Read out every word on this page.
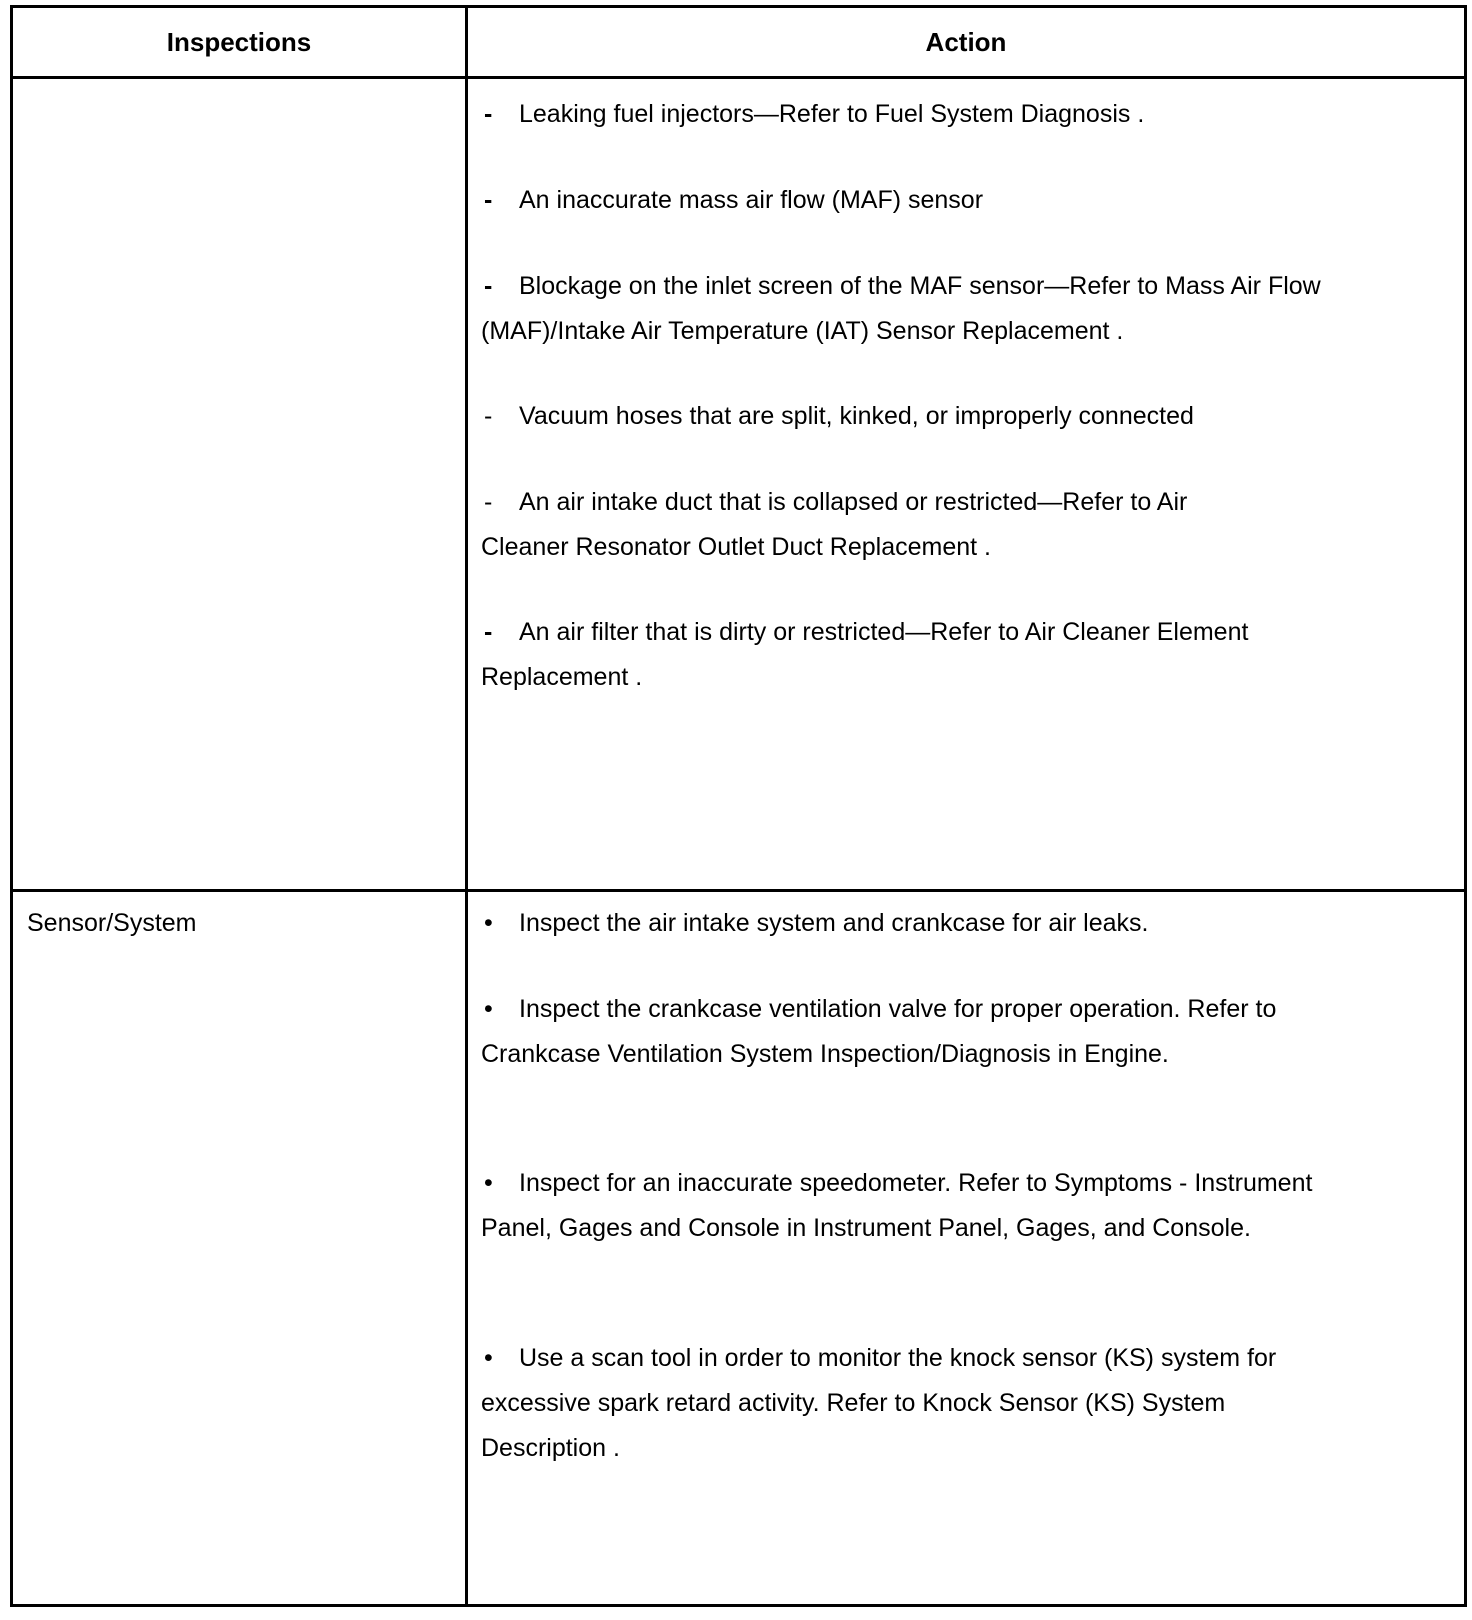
Inspections	Action
- Leaking fuel injectors—Refer to Fuel System Diagnosis .
- An inaccurate mass air flow (MAF) sensor
- Blockage on the inlet screen of the MAF sensor—Refer to Mass Air Flow (MAF)/Intake Air Temperature (IAT) Sensor Replacement .
- Vacuum hoses that are split, kinked, or improperly connected
- An air intake duct that is collapsed or restricted—Refer to Air Cleaner Resonator Outlet Duct Replacement .
- An air filter that is dirty or restricted—Refer to Air Cleaner Element Replacement .
Sensor/System	• Inspect the air intake system and crankcase for air leaks.
• Inspect the crankcase ventilation valve for proper operation. Refer to Crankcase Ventilation System Inspection/Diagnosis in Engine.
• Inspect for an inaccurate speedometer. Refer to Symptoms - Instrument Panel, Gages and Console in Instrument Panel, Gages, and Console.
• Use a scan tool in order to monitor the knock sensor (KS) system for excessive spark retard activity. Refer to Knock Sensor (KS) System Description .
